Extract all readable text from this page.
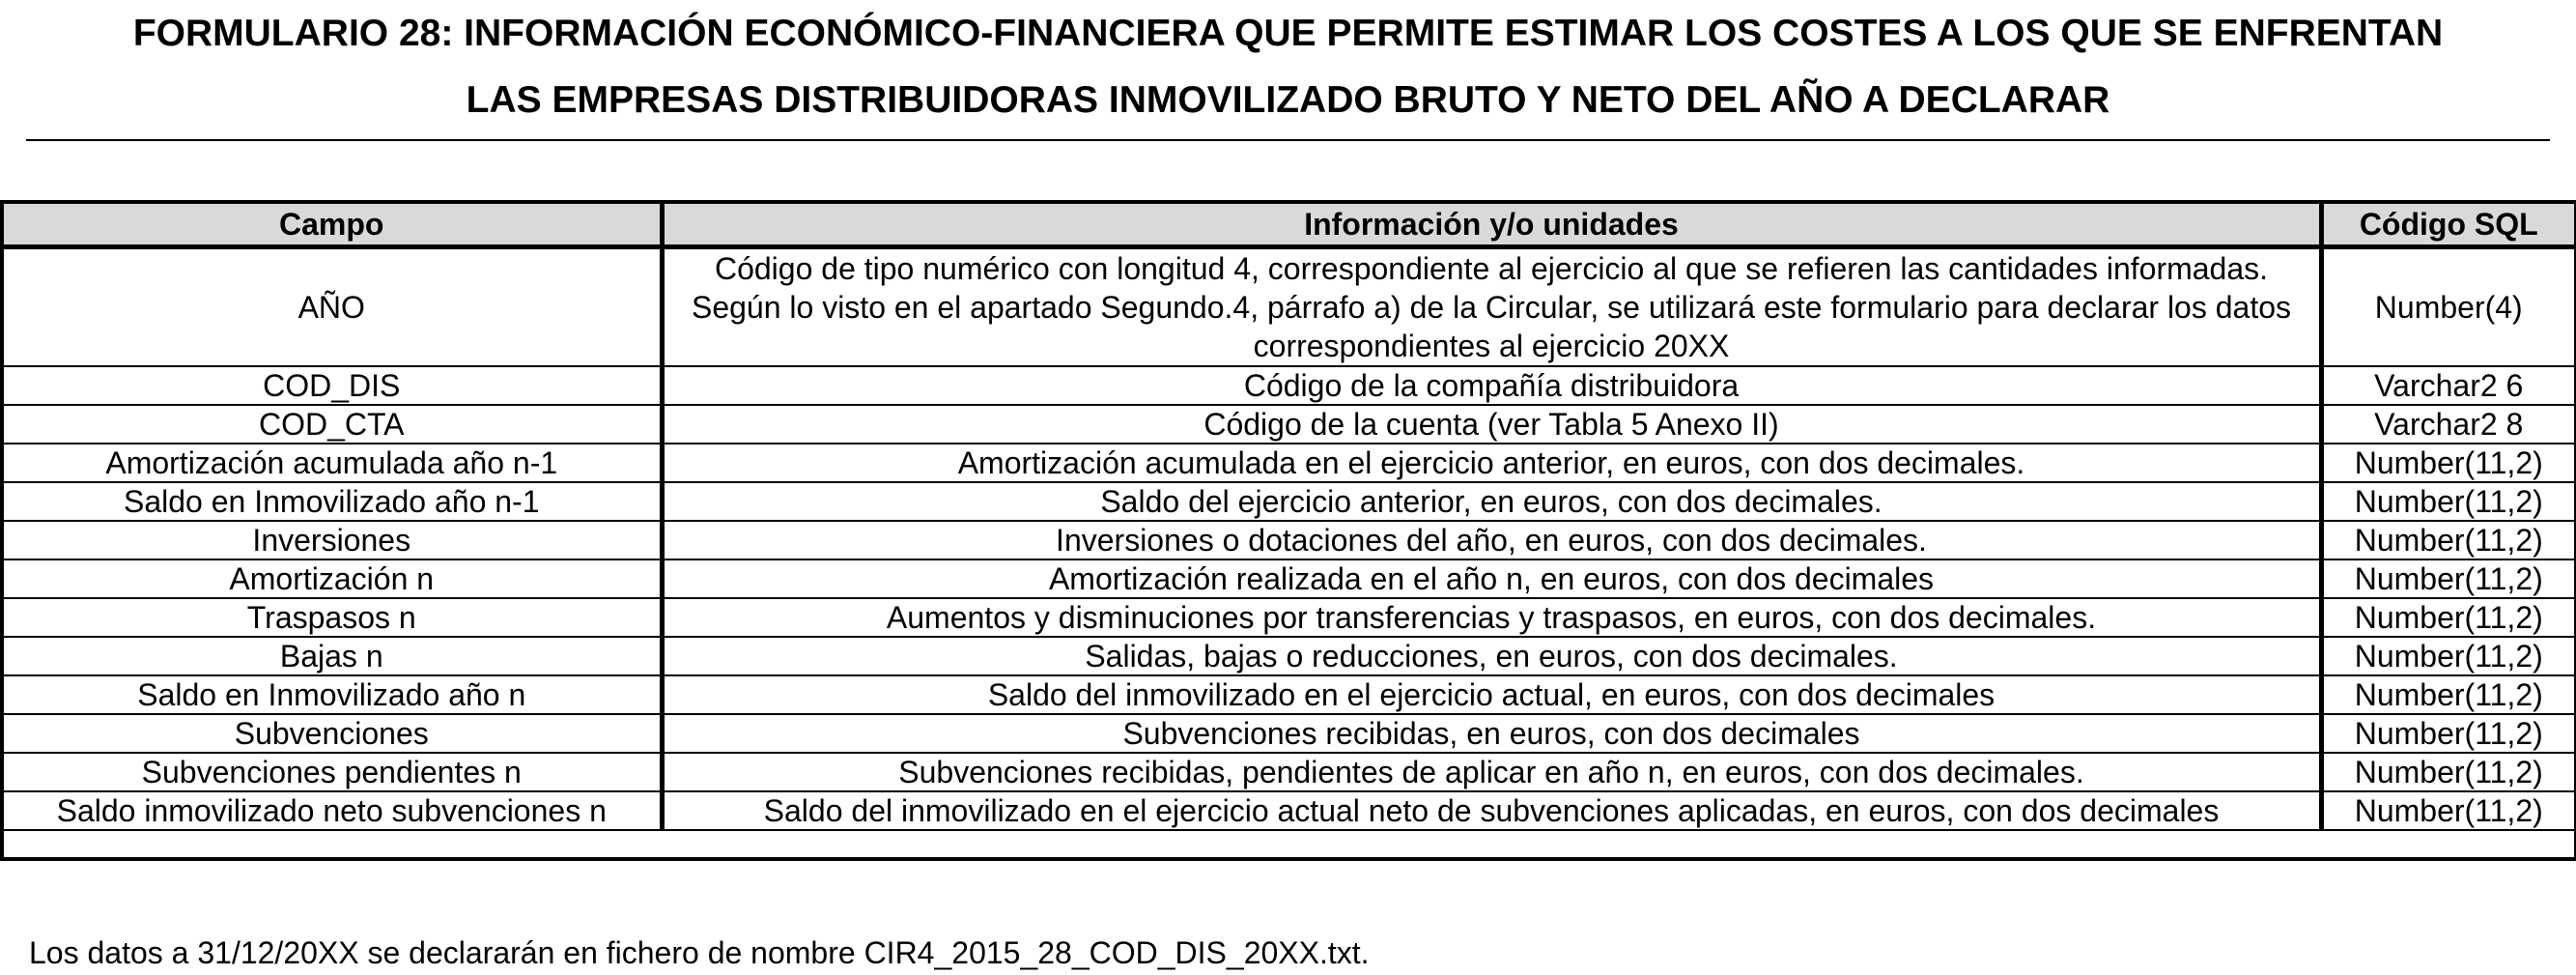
FORMULARIO 28: INFORMACIÓN ECONÓMICO-FINANCIERA QUE PERMITE ESTIMAR LOS COSTES A LOS QUE SE ENFRENTAN
LAS EMPRESAS DISTRIBUIDORAS INMOVILIZADO BRUTO Y NETO DEL AÑO A DECLARAR
Campo	Información y/o unidades	Código SQL
AÑO	Código de tipo numérico con longitud 4, correspondiente al ejercicio al que se refieren las cantidades informadas. Según lo visto en el apartado Segundo.4, párrafo a) de la Circular, se utilizará este formulario para declarar los datos correspondientes al ejercicio 20XX	Number(4)
COD_DIS	Código de la compañía distribuidora	Varchar2 6
COD_CTA	Código de la cuenta (ver Tabla 5 Anexo II)	Varchar2 8
Amortización acumulada año n-1	Amortización acumulada en el ejercicio anterior, en euros, con dos decimales.	Number(11,2)
Saldo en Inmovilizado año n-1	Saldo del ejercicio anterior, en euros, con dos decimales.	Number(11,2)
Inversiones	Inversiones o dotaciones del año, en euros, con dos decimales.	Number(11,2)
Amortización n	Amortización realizada en el año n, en euros, con dos decimales	Number(11,2)
Traspasos n	Aumentos y disminuciones por transferencias y traspasos, en euros, con dos decimales.	Number(11,2)
Bajas n	Salidas, bajas o reducciones, en euros, con dos decimales.	Number(11,2)
Saldo en Inmovilizado año n	Saldo del inmovilizado en el ejercicio actual, en euros, con dos decimales	Number(11,2)
Subvenciones	Subvenciones recibidas, en euros, con dos decimales	Number(11,2)
Subvenciones pendientes n	Subvenciones recibidas, pendientes de aplicar en año n, en euros, con dos decimales.	Number(11,2)
Saldo inmovilizado neto subvenciones n	Saldo del inmovilizado en el ejercicio actual neto de subvenciones aplicadas, en euros, con dos decimales	Number(11,2)
Los datos a 31/12/20XX se declararán en fichero de nombre CIR4_2015_28_COD_DIS_20XX.txt.
